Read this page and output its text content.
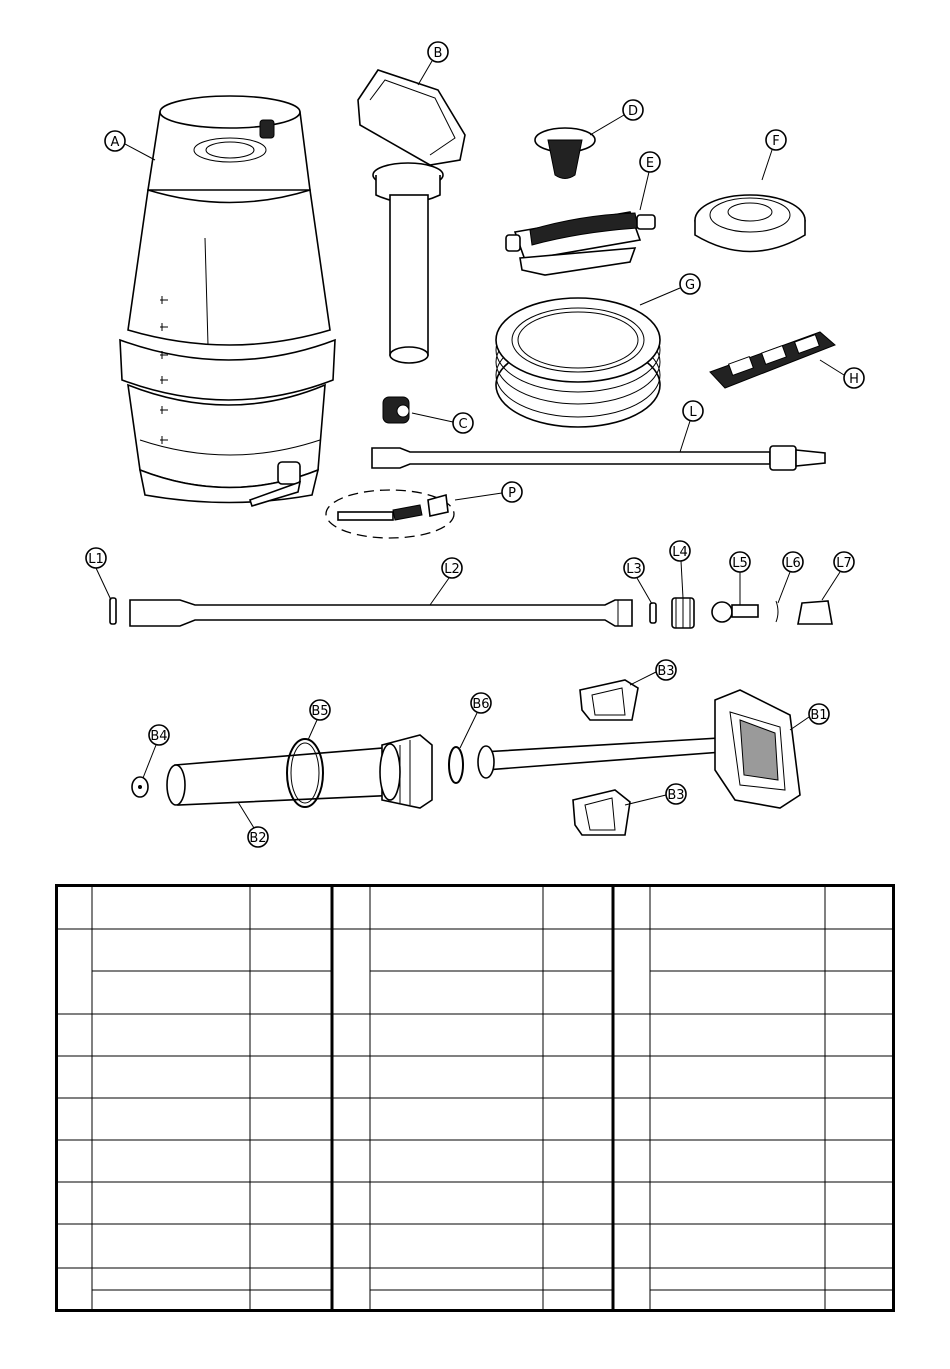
A
B
C
D
E
F
G
H
L
P
L1
L2	L3
L4
L5	L6	L7
B1
B2
B3
B3
B4
B5	B6
